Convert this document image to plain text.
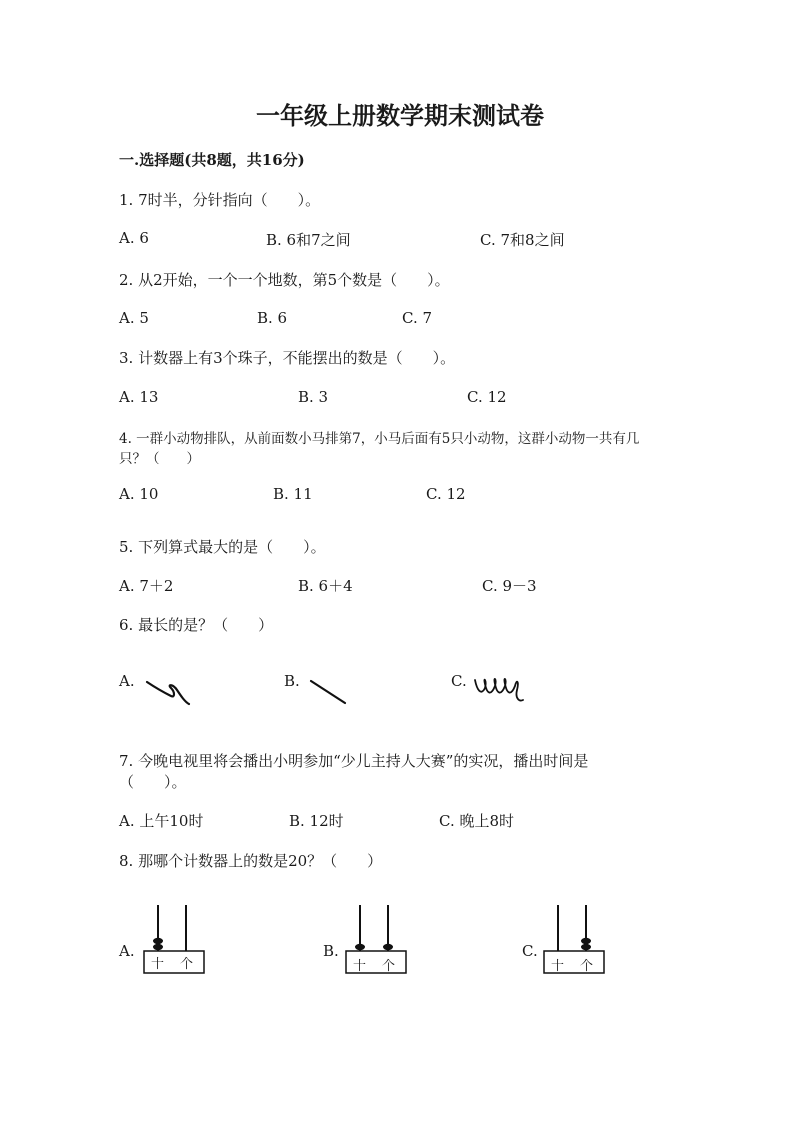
一年级上册数学期末测试卷
一.选择题(共8题，共16分)
1. 7时半，分针指向（　　）。
A. 6	B. 6和7之间	C. 7和8之间
2. 从2开始，一个一个地数，第5个数是（　　）。
A. 5	B. 6	C. 7
3. 计数器上有3个珠子，不能摆出的数是（　　）。
A. 13	B. 3	C. 12
4. 一群小动物排队，从前面数小马排第7，小马后面有5只小动物，这群小动物一共有几
只？（　　）
A. 10	B. 11	C. 12
5. 下列算式最大的是（　　）。
A. 7＋2	B. 6＋4	C. 9－3
6. 最长的是？（　　）
A.	B.	C.
7. 今晚电视里将会播出小明参加“少儿主持人大赛”的实况，播出时间是
（　　）。
A. 上午10时	B. 12时	C. 晚上8时
8. 那哪个计数器上的数是20？（　　）
A.
十 个
B.
十 个
C.
十 个
